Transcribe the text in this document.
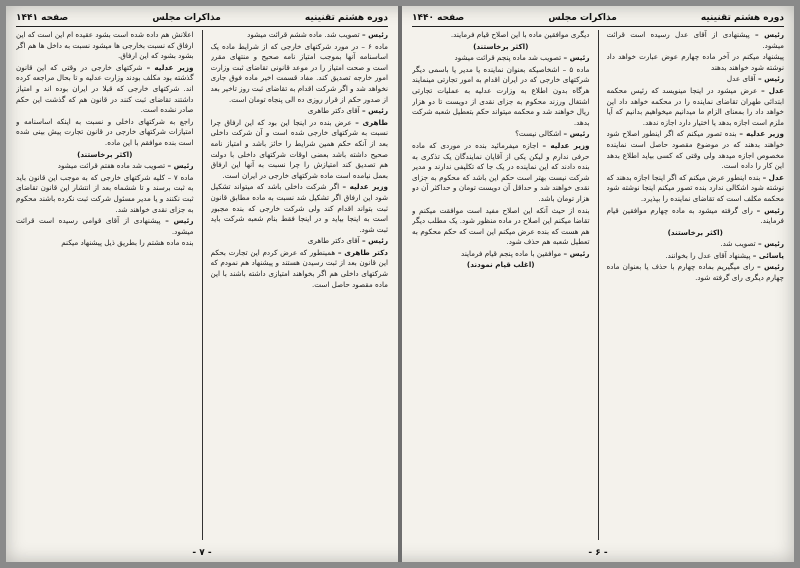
دوره هشتم تقنینیه
مذاکرات مجلس
صفحه ۱۴۴۱

رئیس – تصویب شد. ماده ششم قرائت میشود

ماده ۶ – در مورد شرکتهای خارجی که از شرایط ماده یک اساسنامه آنها بموجب امتیاز نامه صحیح و منتهای مقرر است و صحت امتیاز را در موعد قانونی تقاضای ثبت وزارت امور خارجه تصدیق کند. مفاد قسمت اخیر ماده فوق جاری نخواهد شد و اگر شرکت اقدام به تقاضای ثبت روز تاخیر بعد از صدور حکم از قرار روزی ده الی پنجاه تومان است.

رئیس – آقای دکتر طاهری

طاهری – عرض بنده در اینجا این بود که این ارفاق چرا نسبت به شرکتهای خارجی شده است و آن شرکت داخلی بعد از آنکه حکم همین شرایط را حائز باشد و امتیاز نامه صحیح داشته باشد بعضی اوقات شرکتهای داخلی با دولت هم تصدیق کند امتیازش را چرا نسبت به آنها این ارفاق بعمل نیامده است ماده شرکتهای خارجی در ایران است.

وزیر عدلیه – اگر شرکت داخلی باشد که میتواند تشکیل شود این ارفاق اگر تشکیل شد نسبت به ماده مطابق قانون ثبت بتواند اقدام کند ولی شرکت خارجی که بنده مجبور است به اینجا بیاید و در اینجا فقط بنام شعبه شرکت باید ثبت شود.

رئیس – آقای دکتر طاهری

دکتر طاهری – همینطور که عرض کردم این تجارت بحکم این قانون بعد از ثبت رسیدن هستند و پیشنهاد هم نمودم که شرکتهای داخلی هم اگر بخواهند امتیازی داشته باشند با این ماده مقصود حاصل است.

اعلانش هم داده شده است بشود عقیده ام این است که این ارفاق که نسبت بخارجی ها میشود نسبت به داخل ها هم اگر بشود بشود که این ارفاق.

وزیر عدلیه – شرکتهای خارجی در وقتی که این قانون گذشته بود مکلف بودند وزارت عدلیه و تا بحال مراجعه کرده اند. شرکتهای خارجی که قبلا در ایران بوده اند و امتیاز داشتند تقاضای ثبت کنند در قانون هم که گذشت این حکم صادر نشده است.

راجع به شرکتهای داخلی و نسبت به اینکه اساسنامه و امتیازات شرکتهای خارجی در قانون تجارت پیش بینی شده است بنده موافقم با این ماده.

(اکثر برخاستند)

رئیس – تصویب شد ماده هفتم قرائت میشود

ماده ۷ – کلیه شرکتهای خارجی که به موجب این قانون باید به ثبت برسند و تا ششماه بعد از انتشار این قانون تقاضای ثبت نکنند و یا مدیر مسئول شرکت ثبت نکرده باشند محکوم به جزای نقدی خواهند شد.

رئیس – پیشنهادی از آقای قوامی رسیده است قرائت میشود.

بنده ماده هشتم را بطریق ذیل پیشنهاد میکنم

- ۷ -
دوره هشتم تقنینیه
مذاکرات مجلس
صفحه ۱۴۴۰

رئیس – پیشنهادی از آقای عدل رسیده است قرائت میشود.

پیشنهاد میکنم در آخر ماده چهارم عوض عبارت خواهد داد نوشته شود خواهند بدهند

رئیس – آقای عدل

عدل – عرض میشود در اینجا مینویسد که رئیس محکمه ابتدائی طهران تقاضای نماینده را در محکمه خواهد داد این خواهد داد را بمعنای الزام ما میدانیم میخواهیم بدانیم که آیا ملزم است اجازه بدهد یا اختیار دارد اجازه ندهد.

وزیر عدلیه – بنده تصور میکنم که اگر اینطور اصلاح شود خواهند بدهند که در موضوع مقصود حاصل است نماینده مخصوص اجازه میدهد ولی وقتی که کسی بیاید اطلاع بدهد این کار را داده است.

عدل – بنده اینطور عرض میکنم که اگر اینجا اجازه بدهند که نوشته شود اشکالی ندارد بنده تصور میکنم اینجا نوشته شود محکمه مکلف است که تقاضای نماینده را بپذیرد.

رئیس – رای گرفته میشود به ماده چهارم موافقین قیام فرمایند.

(اکثر برخاستند)

رئیس – تصویب شد.

یاسائی – پیشنهاد آقای عدل را بخوانند.

رئیس – رای میگیریم بماده چهارم با حذف یا بعنوان ماده چهارم دیگری رای گرفته شود.

دیگری موافقین ماده با این اصلاح قیام فرمایند.

(اکثر برخاستند)

رئیس – تصویب شد ماده پنجم قرائت میشود

ماده ۵ – اشخاصیکه بعنوان نماینده یا مدیر یا باسمی دیگر شرکتهای خارجی که در ایران اقدام به امور تجارتی مینمایند هرگاه بدون اطلاع به وزارت عدلیه به عملیات تجارتی اشتغال ورزند محکوم به جزای نقدی از دویست تا دو هزار ریال خواهند شد و محکمه میتواند حکم بتعطیل شعبه شرکت بدهد.

رئیس – اشکالی نیست؟

وزیر عدلیه – اجازه میفرمائید بنده در موردی که ماده حرفی ندارم و لیکن یکی از آقایان نمایندگان یک تذکری به بنده دادند که این نماینده در یک جا که تکلیفی ندارند و مدیر شرکت نیست بهتر است حکم این باشد که محکوم به جزای نقدی خواهند شد و حداقل آن دویست تومان و حداکثر آن دو هزار تومان باشد.

بنده از حیث آنکه این اصلاح مفید است موافقت میکنم و تقاضا میکنم این اصلاح در ماده منظور شود. یک مطلب دیگر هم هست که بنده عرض میکنم این است که حکم محکوم به تعطیل شعبه هم حذف شود.

رئیس – موافقین با ماده پنجم قیام فرمایند

(اغلب قیام نمودند)

- ۶ -
